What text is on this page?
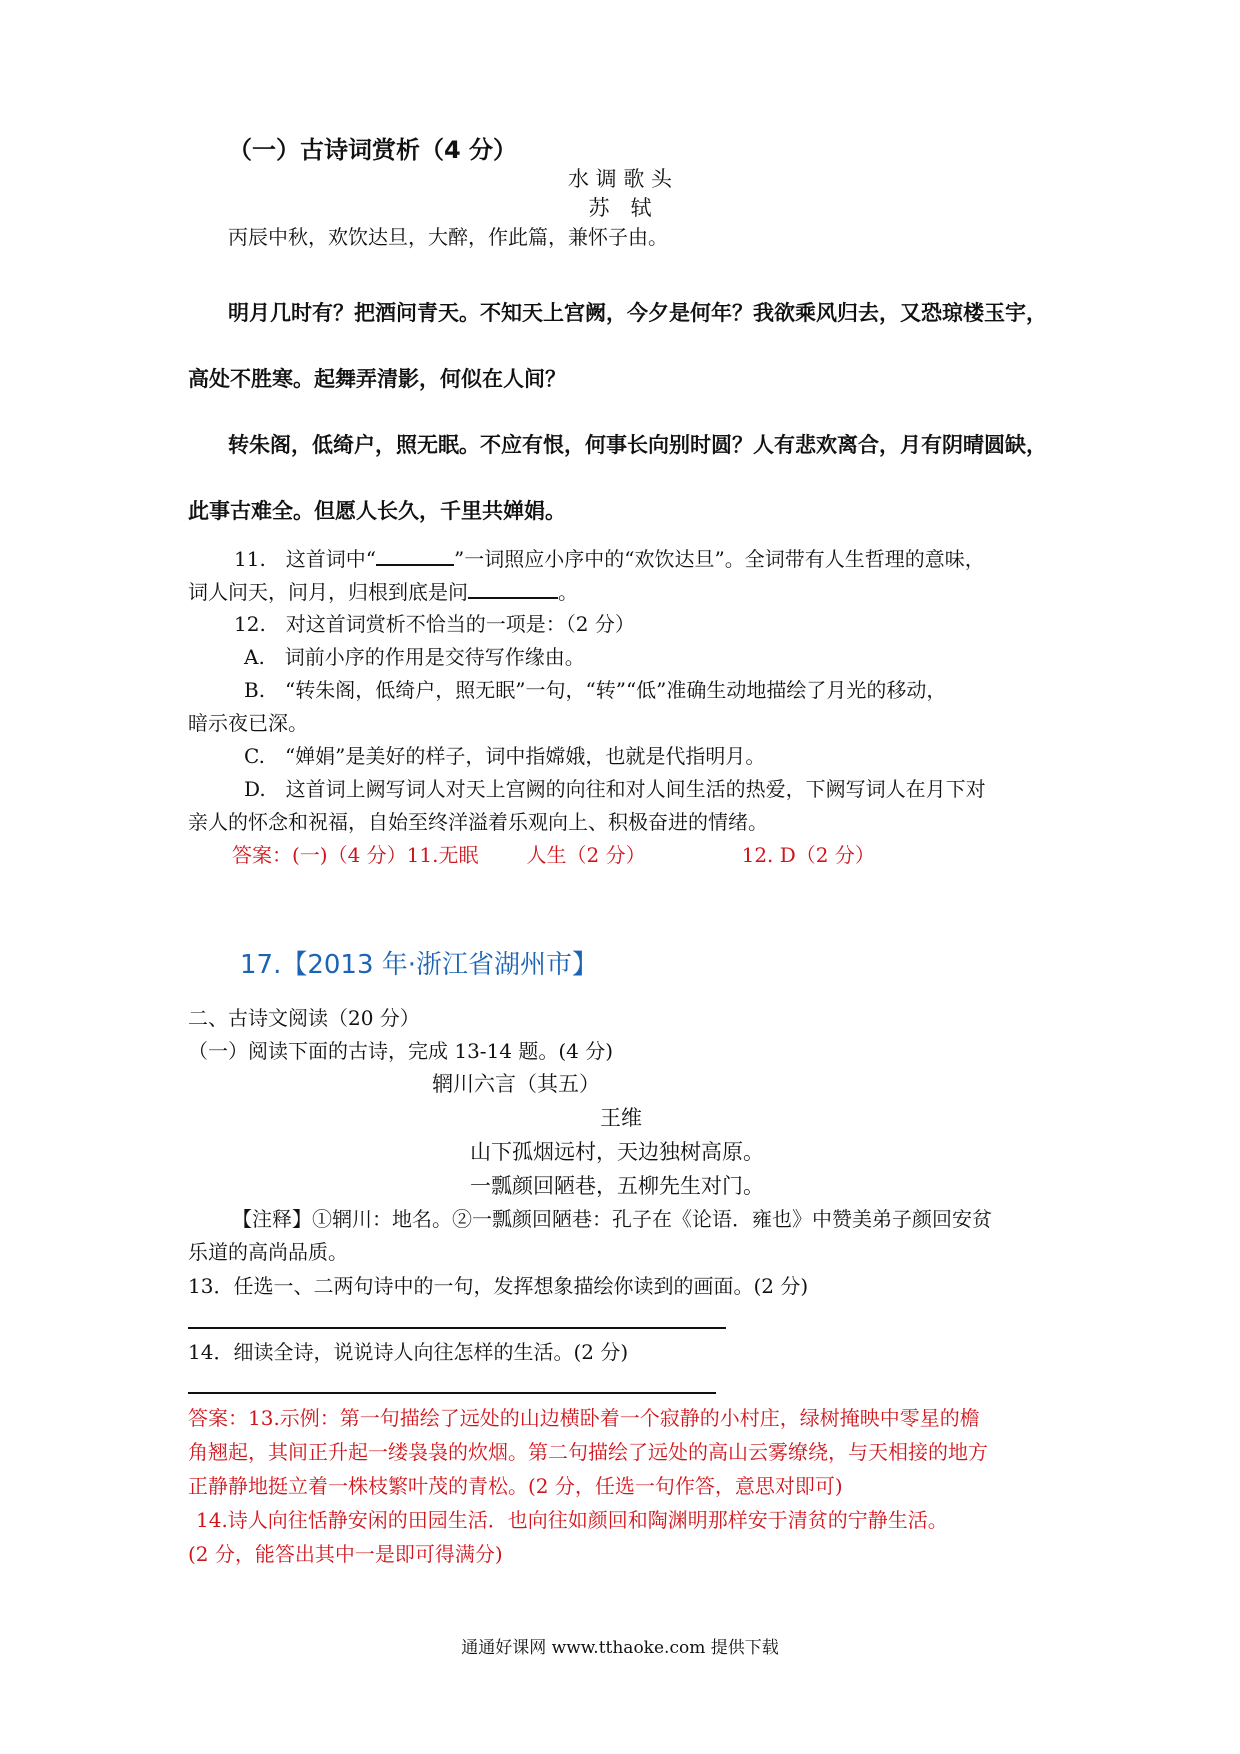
（一）古诗词赏析（4 分）
水 调 歌 头
苏　轼
丙辰中秋，欢饮达旦，大醉，作此篇，兼怀子由。
明月几时有？把酒问青天。不知天上宫阙，今夕是何年？我欲乘风归去，又恐琼楼玉宇，
高处不胜寒。起舞弄清影，何似在人间？
转朱阁，低绮户，照无眠。不应有恨，何事长向别时圆？人有悲欢离合，月有阴晴圆缺，
此事古难全。但愿人长久，千里共婵娟。
11.　这首词中“	”一词照应小序中的“欢饮达旦”。全词带有人生哲理的意味，
词人问天，问月，归根到底是问	。
12.　对这首词赏析不恰当的一项是：（2 分）
A.　词前小序的作用是交待写作缘由。
B.　“转朱阁，低绮户，照无眠”一句，“转”“低”准确生动地描绘了月光的移动，
暗示夜已深。
C.　“婵娟”是美好的样子，词中指嫦娥，也就是代指明月。
D.　这首词上阙写词人对天上宫阙的向往和对人间生活的热爱，下阙写词人在月下对
亲人的怀念和祝福，自始至终洋溢着乐观向上、积极奋进的情绪。
答案：(一)（4 分）11.无眠 人生（2 分）	12. D（2 分）
17.【2013 年·浙江省湖州市】
二、古诗文阅读（20 分）
（一）阅读下面的古诗，完成 13-14 题。(4 分)
辋川六言（其五）
王维
山下孤烟远村，天边独树高原。
一瓢颜回陋巷，五柳先生对门。
【注释】①辋川：地名。②一瓢颜回陋巷：孔子在《论语．雍也》中赞美弟子颜回安贫
乐道的高尚品质。
13．任选一、二两句诗中的一句，发挥想象描绘你读到的画面。(2 分)
14．细读全诗，说说诗人向往怎样的生活。(2 分)
答案：13.示例：第一句描绘了远处的山边横卧着一个寂静的小村庄，绿树掩映中零星的檐
角翘起，其间正升起一缕袅袅的炊烟。第二句描绘了远处的高山云雾缭绕，与天相接的地方
正静静地挺立着一株枝繁叶茂的青松。(2 分，任选一句作答，意思对即可)
14.诗人向往恬静安闲的田园生活．也向往如颜回和陶渊明那样安于清贫的宁静生活。
(2 分，能答出其中一是即可得满分)
通通好课网 www.tthaoke.com 提供下载
